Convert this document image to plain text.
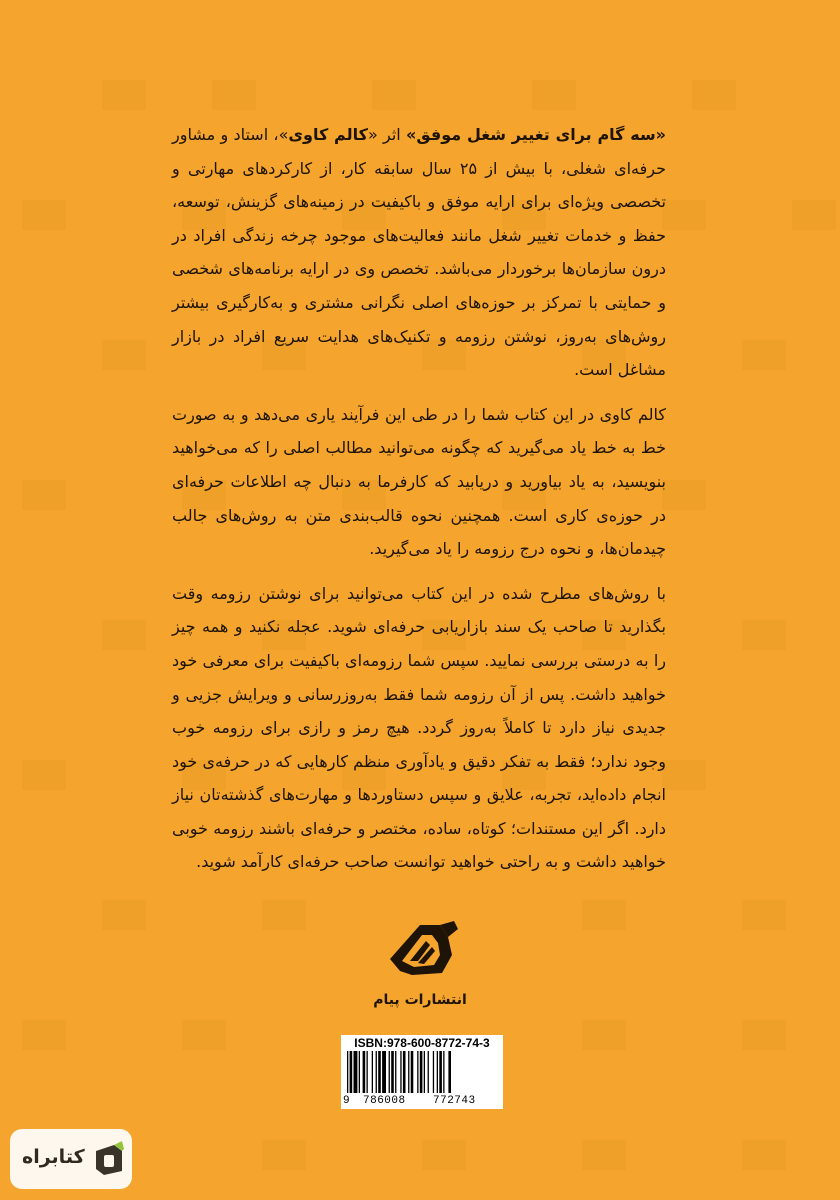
«سه گام برای تغییر شغل موفق» اثر «کالم کاوی»، استاد و مشاور حرفه‌ای شغلی، با بیش از ۲۵ سال سابقه کار، از کارکردهای مهارتی و تخصصی ویژه‌ای برای ارایه موفق و باکیفیت در زمینه‌های گزینش، توسعه، حفظ و خدمات تغییر شغل مانند فعالیت‌های موجود چرخه زندگی افراد در درون سازمان‌ها برخوردار می‌باشد. تخصص وی در ارایه برنامه‌های شخصی و حمایتی با تمرکز بر حوزه‌های اصلی نگرانی مشتری و به‌کارگیری بیشتر روش‌های به‌روز، نوشتن رزومه و تکنیک‌های هدایت سریع افراد در بازار مشاغل است.

کالم کاوی در این کتاب شما را در طی این فرآیند یاری می‌دهد و به صورت خط به خط یاد می‌گیرید که چگونه می‌توانید مطالب اصلی را که می‌خواهید بنویسید، به یاد بیاورید و دریابید که کارفرما به دنبال چه اطلاعات حرفه‌ای در حوزه‌ی کاری است. همچنین نحوه قالب‌بندی متن به روش‌های جالب چیدمان‌ها، و نحوه درج رزومه را یاد می‌گیرید.

با روش‌های مطرح شده در این کتاب می‌توانید برای نوشتن رزومه وقت بگذارید تا صاحب یک سند بازاریابی حرفه‌ای شوید. عجله نکنید و همه چیز را به درستی بررسی نمایید. سپس شما رزومه‌ای باکیفیت برای معرفی خود خواهید داشت. پس از آن رزومه شما فقط به‌روزرسانی و ویرایش جزیی و جدیدی نیاز دارد تا کاملاً به‌روز گردد. هیچ رمز و رازی برای رزومه خوب وجود ندارد؛ فقط به تفکر دقیق و یادآوری منظم کارهایی که در حرفه‌ی خود انجام داده‌اید، تجربه، علایق و سپس دستاوردها و مهارت‌های گذشته‌تان نیاز دارد. اگر این مستندات؛ کوتاه، ساده، مختصر و حرفه‌ای باشند رزومه خوبی خواهید داشت و به راحتی خواهید توانست صاحب حرفه‌ای کارآمد شوید.

انتشارات پیام
ISBN:978-600-8772-74-3
9 786008 772743
کتابراه
